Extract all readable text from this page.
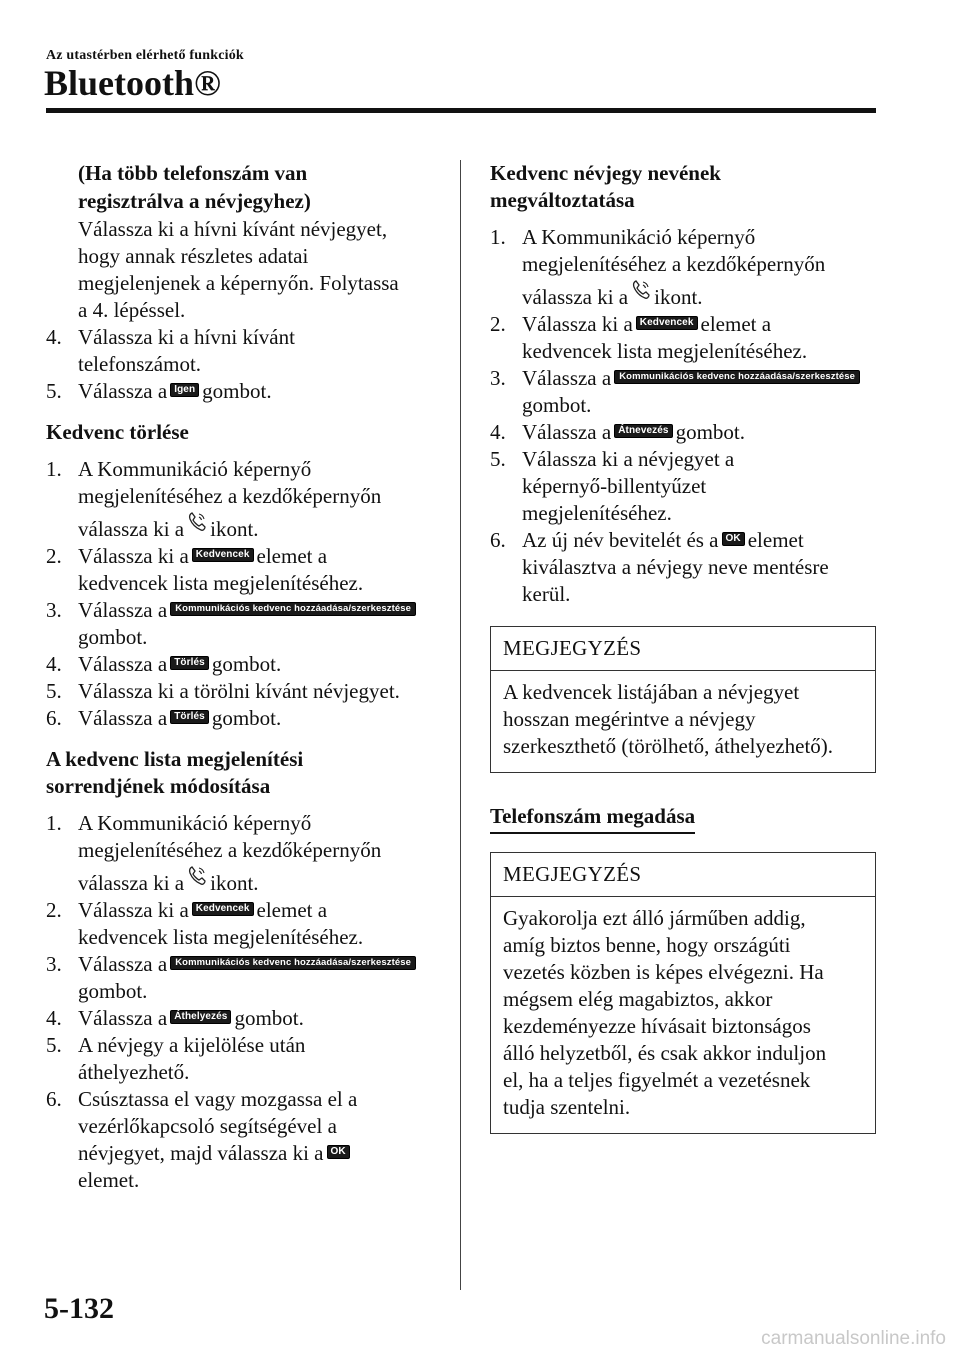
Az utastérben elérhető funkciók
Bluetooth®
(Ha több telefonszám van
regisztrálva a névjegyhez)
Válassza ki a hívni kívánt névjegyet,
hogy annak részletes adatai
megjelenjenek a képernyőn. Folytassa
a 4. lépéssel.
4. Válassza ki a hívni kívánt
telefonszámot.
5. Válassza a Igen gombot.
Kedvenc törlése
1. A Kommunikáció képernyő
megjelenítéséhez a kezdőképernyőn
válassza ki a ikont.
2. Válassza ki a Kedvencek elemet a
kedvencek lista megjelenítéséhez.
3. Válassza a Kommunikációs kedvenc hozzáadása/szerkesztése
gombot.
4. Válassza a Törlés gombot.
5. Válassza ki a törölni kívánt névjegyet.
6. Válassza a Törlés gombot.
A kedvenc lista megjelenítési
sorrendjének módosítása
1. A Kommunikáció képernyő
megjelenítéséhez a kezdőképernyőn
válassza ki a ikont.
2. Válassza ki a Kedvencek elemet a
kedvencek lista megjelenítéséhez.
3. Válassza a Kommunikációs kedvenc hozzáadása/szerkesztése
gombot.
4. Válassza a Áthelyezés gombot.
5. A névjegy a kijelölése után
áthelyezhető.
6. Csúsztassa el vagy mozgassa el a
vezérlőkapcsoló segítségével a
névjegyet, majd válassza ki a OK
elemet.
Kedvenc névjegy nevének
megváltoztatása
1. A Kommunikáció képernyő
megjelenítéséhez a kezdőképernyőn
válassza ki a ikont.
2. Válassza ki a Kedvencek elemet a
kedvencek lista megjelenítéséhez.
3. Válassza a Kommunikációs kedvenc hozzáadása/szerkesztése
gombot.
4. Válassza a Átnevezés gombot.
5. Válassza ki a névjegyet a
képernyő-billentyűzet
megjelenítéséhez.
6. Az új név bevitelét és a OK elemet
kiválasztva a névjegy neve mentésre
kerül.
MEGJEGYZÉS
A kedvencek listájában a névjegyet
hosszan megérintve a névjegy
szerkeszthető (törölhető, áthelyezhető).
Telefonszám megadása
MEGJEGYZÉS
Gyakorolja ezt álló járműben addig,
amíg biztos benne, hogy országúti
vezetés közben is képes elvégezni. Ha
mégsem elég magabiztos, akkor
kezdeményezze hívásait biztonságos
álló helyzetből, és csak akkor induljon
el, ha a teljes figyelmét a vezetésnek
tudja szentelni.
5-132
carmanualsonline.info
